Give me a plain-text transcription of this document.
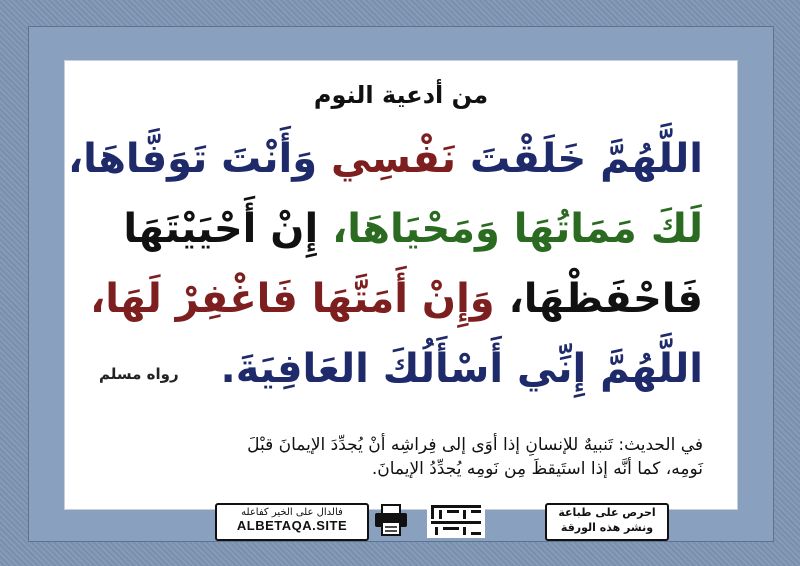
من أدعية النوم
اللَّهُمَّ خَلَقْتَ نَفْسِي وَأَنْتَ تَوَفَّاهَا،
لَكَ مَمَاتُهَا وَمَحْيَاهَا، إِنْ أَحْيَيْتَهَا
فَاحْفَظْهَا، وَإِنْ أَمَتَّهَا فَاغْفِرْ لَهَا،
اللَّهُمَّ إِنِّي أَسْأَلُكَ العَافِيَةَ.
رواه مسلم
في الحديث: تَنبيهٌ للإنسانِ إذا أوَى إلى فِراشِه أنْ يُجدِّدَ الإيمانَ قبْلَ
نَومِه، كما أنَّه إذا استَيقظَ مِن نَومِه يُجدِّدُ الإيمانَ.
فالدال على الخير كفاعله
ALBETAQA.SITE
احرص على طباعة
ونشر هذه الورقة
